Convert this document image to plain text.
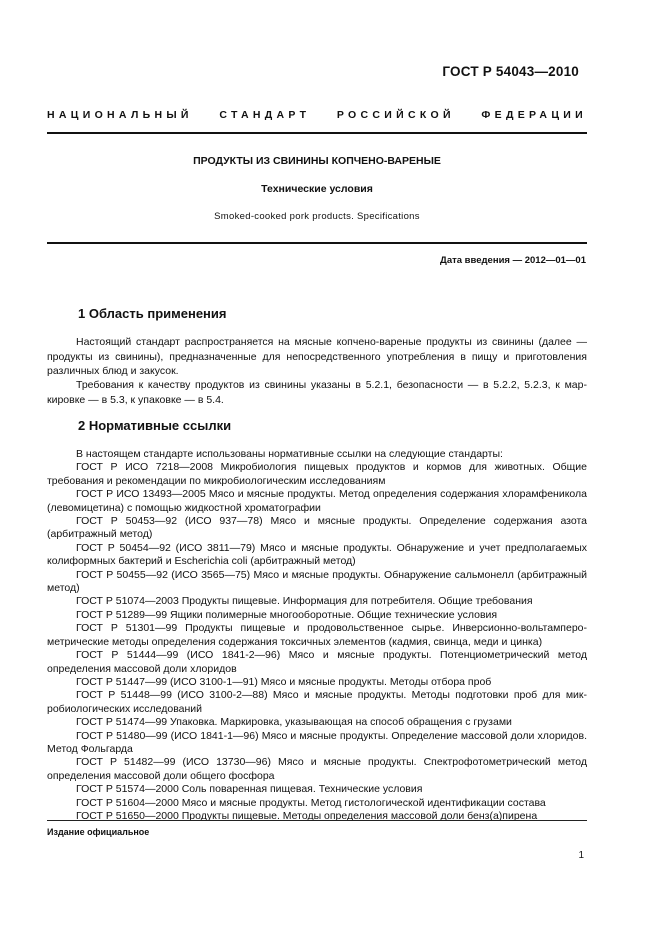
ГОСТ Р 54043—2010
НАЦИОНАЛЬНЫЙ	СТАНДАРТ	РОССИЙСКОЙ	ФЕДЕРАЦИИ
ПРОДУКТЫ ИЗ СВИНИНЫ КОПЧЕНО-ВАРЕНЫЕ
Технические условия
Smoked-cooked pork products. Specifications
Дата введения — 2012—01—01
1 Область применения
Настоящий стандарт распространяется на мясные копчено-вареные продукты из свинины (далее — продукты из свинины), предназначенные для непосредственного употребления в пищу и приготовления различных блюд и закусок.
Требования к качеству продуктов из свинины указаны в 5.2.1, безопасности — в 5.2.2, 5.2.3, к маркировке — в 5.3, к упаковке — в 5.4.
2 Нормативные ссылки
В настоящем стандарте использованы нормативные ссылки на следующие стандарты:
ГОСТ Р ИСО 7218—2008 Микробиология пищевых продуктов и кормов для животных. Общие требования и рекомендации по микробиологическим исследованиям
ГОСТ Р ИСО 13493—2005 Мясо и мясные продукты. Метод определения содержания хлорамфеникола (левомицетина) с помощью жидкостной хроматографии
ГОСТ Р 50453—92 (ИСО 937—78) Мясо и мясные продукты. Определение содержания азота (арбитражный метод)
ГОСТ Р 50454—92 (ИСО 3811—79) Мясо и мясные продукты. Обнаружение и учет предполагаемых колиформных бактерий и Escherichia coli (арбитражный метод)
ГОСТ Р 50455—92 (ИСО 3565—75) Мясо и мясные продукты. Обнаружение сальмонелл (арбитражный метод)
ГОСТ Р 51074—2003 Продукты пищевые. Информация для потребителя. Общие требования
ГОСТ Р 51289—99 Ящики полимерные многооборотные. Общие технические условия
ГОСТ Р 51301—99 Продукты пищевые и продовольственное сырье. Инверсионно-вольтамперометрические методы определения содержания токсичных элементов (кадмия, свинца, меди и цинка)
ГОСТ Р 51444—99 (ИСО 1841-2—96) Мясо и мясные продукты. Потенциометрический метод определения массовой доли хлоридов
ГОСТ Р 51447—99 (ИСО 3100-1—91) Мясо и мясные продукты. Методы отбора проб
ГОСТ Р 51448—99 (ИСО 3100-2—88) Мясо и мясные продукты. Методы подготовки проб для микробиологических исследований
ГОСТ Р 51474—99 Упаковка. Маркировка, указывающая на способ обращения с грузами
ГОСТ Р 51480—99 (ИСО 1841-1—96) Мясо и мясные продукты. Определение массовой доли хлоридов. Метод Фольгарда
ГОСТ Р 51482—99 (ИСО 13730—96) Мясо и мясные продукты. Спектрофотометрический метод определения массовой доли общего фосфора
ГОСТ Р 51574—2000 Соль поваренная пищевая. Технические условия
ГОСТ Р 51604—2000 Мясо и мясные продукты. Метод гистологической идентификации состава
ГОСТ Р 51650—2000 Продукты пищевые. Методы определения массовой доли бенз(а)пирена
Издание официальное
1
